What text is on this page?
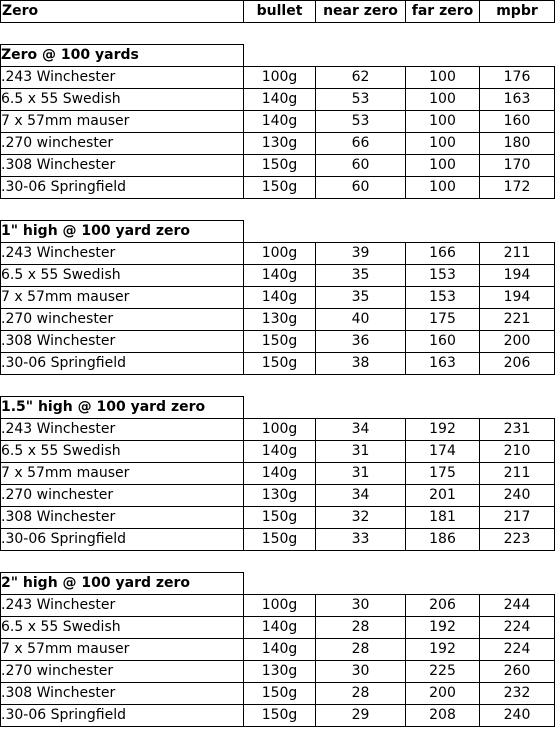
Zero	bullet	near zero	far zero	mpbr

Zero @ 100 yards				
.243 Winchester	100g	62	100	176
6.5 x 55 Swedish	140g	53	100	163
7 x 57mm mauser	140g	53	100	160
.270 winchester	130g	66	100	180
.308 Winchester	150g	60	100	170
.30-06 Springfield	150g	60	100	172

1" high @ 100 yard zero				
.243 Winchester	100g	39	166	211
6.5 x 55 Swedish	140g	35	153	194
7 x 57mm mauser	140g	35	153	194
.270 winchester	130g	40	175	221
.308 Winchester	150g	36	160	200
.30-06 Springfield	150g	38	163	206

1.5" high @ 100 yard zero				
.243 Winchester	100g	34	192	231
6.5 x 55 Swedish	140g	31	174	210
7 x 57mm mauser	140g	31	175	211
.270 winchester	130g	34	201	240
.308 Winchester	150g	32	181	217
.30-06 Springfield	150g	33	186	223

2" high @ 100 yard zero				
.243 Winchester	100g	30	206	244
6.5 x 55 Swedish	140g	28	192	224
7 x 57mm mauser	140g	28	192	224
.270 winchester	130g	30	225	260
.308 Winchester	150g	28	200	232
.30-06 Springfield	150g	29	208	240
